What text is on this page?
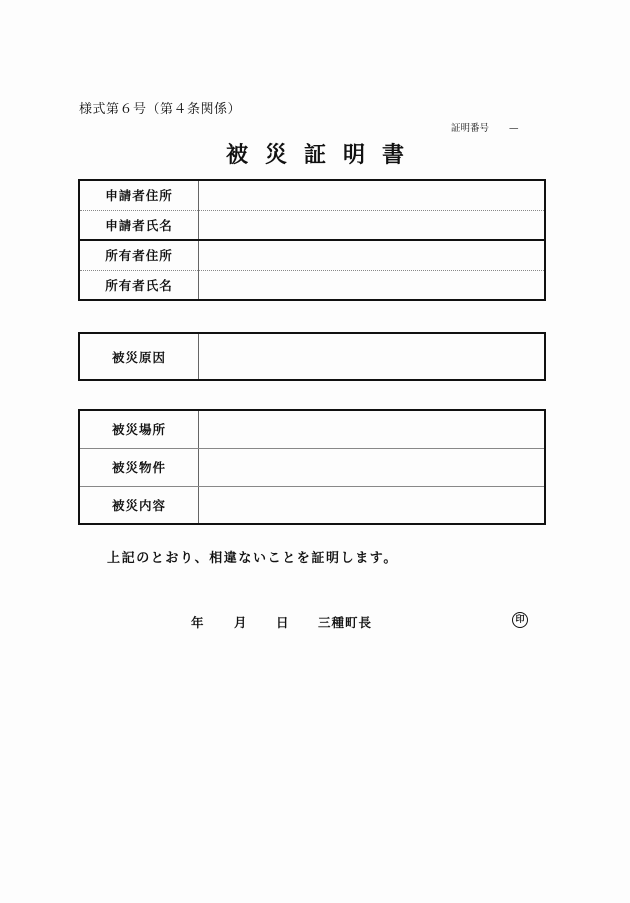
様式第６号（第４条関係）
証明番号 —
被災証明書
申請者住所	
申請者氏名	
所有者住所	
所有者氏名	
被災原因	
被災場所	
被災物件	
被災内容	
上記のとおり、相違ないことを証明します。
年 月 日 三種町長	印
